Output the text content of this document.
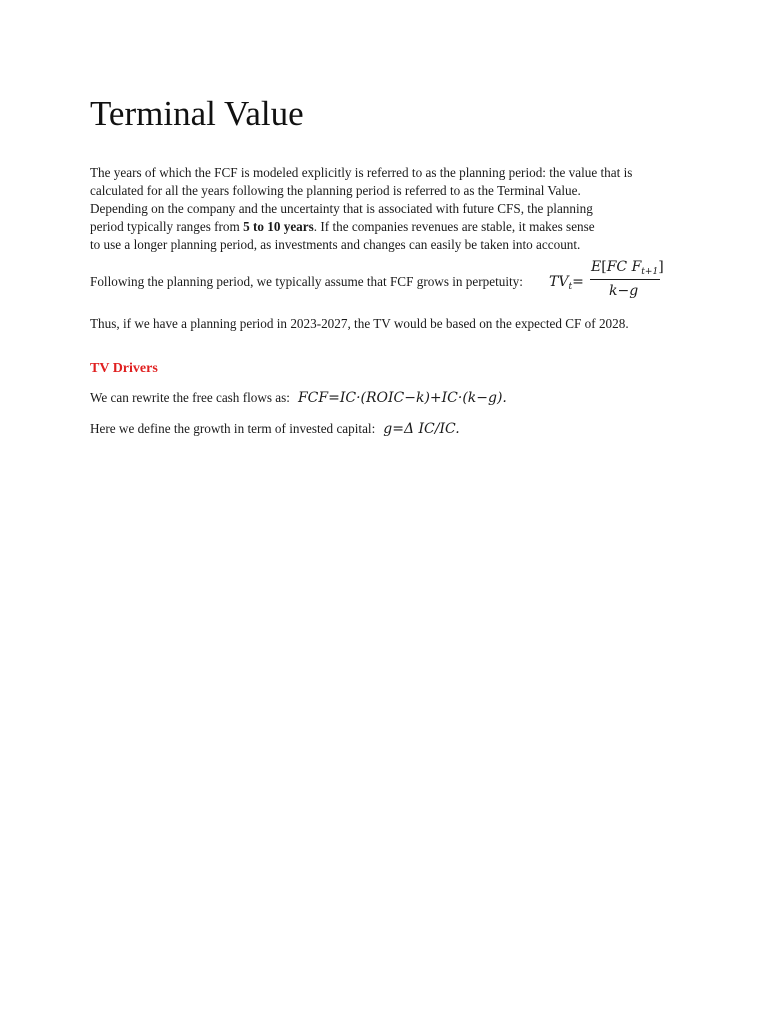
Terminal Value
The years of which the FCF is modeled explicitly is referred to as the planning period: the value that is
calculated for all the years following the planning period is referred to as the Terminal Value.
Depending on the company and the uncertainty that is associated with future CFS, the planning
period typically ranges from 5 to 10 years. If the companies revenues are stable, it makes sense
to use a longer planning period, as investments and changes can easily be taken into account.
Following the planning period, we typically assume that FCF grows in perpetuity: $TV_t=$
E[FC $F_{t+1}$]
k−g
Thus, if we have a planning period in 2023-2027, the TV would be based on the expected CF of 2028.
TV Drivers
We can rewrite the free cash flows as: FCF=IC·(ROIC−k)+IC·(k−g).
Here we define the growth in term of invested capital: g=Δ IC/IC.
